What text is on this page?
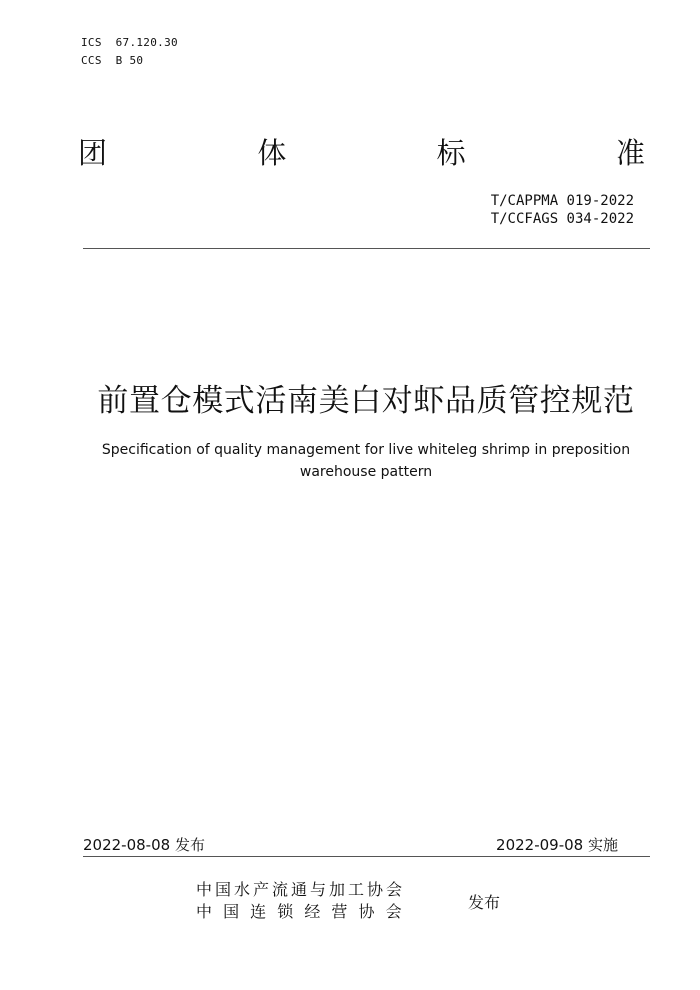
ICS  67.120.30
CCS  B 50
团	体	标	准
T/CAPPMA 019-2022
T/CCFAGS 034-2022
前置仓模式活南美白对虾品质管控规范
Specification of quality management for live whiteleg shrimp in preposition
warehouse pattern
2022-08-08 发布	2022-09-08 实施
中国水产流通与加工协会
中 国 连 锁 经 营 协 会	发布
